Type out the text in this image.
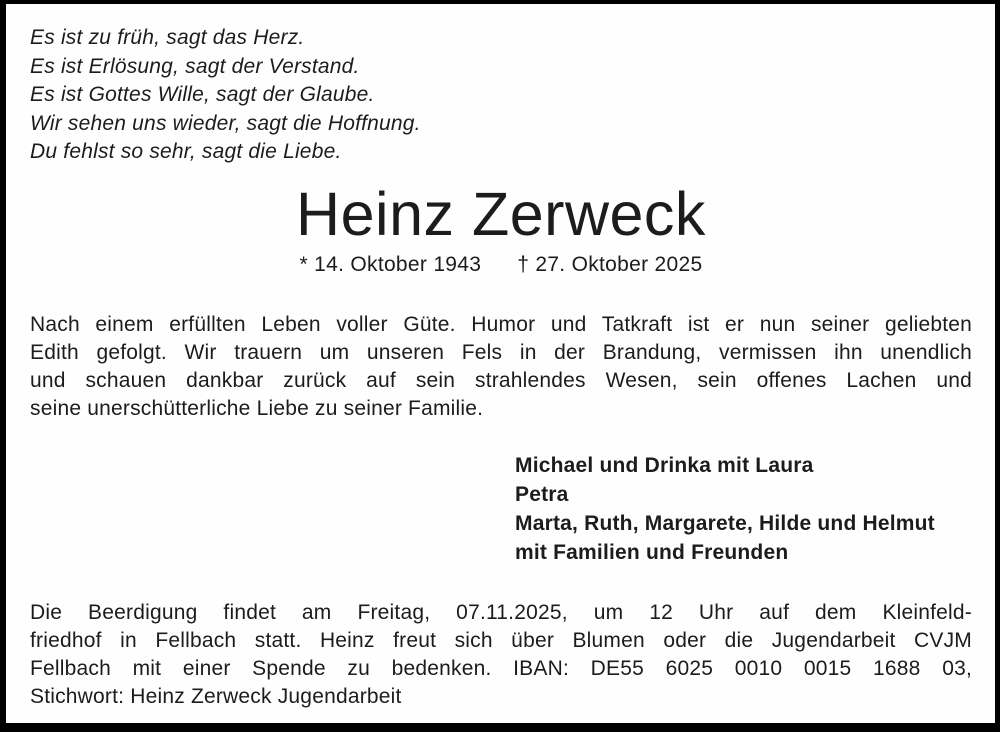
Es ist zu früh, sagt das Herz.
Es ist Erlösung, sagt der Verstand.
Es ist Gottes Wille, sagt der Glaube.
Wir sehen uns wieder, sagt die Hoffnung.
Du fehlst so sehr, sagt die Liebe.
Heinz Zerweck
* 14. Oktober 1943 † 27. Oktober 2025
Nach einem erfüllten Leben voller Güte. Humor und Tatkraft ist er nun seiner geliebten
Edith gefolgt. Wir trauern um unseren Fels in der Brandung, vermissen ihn unendlich
und schauen dankbar zurück auf sein strahlendes Wesen, sein offenes Lachen und
seine unerschütterliche Liebe zu seiner Familie.
Michael und Drinka mit Laura
Petra
Marta, Ruth, Margarete, Hilde und Helmut
mit Familien und Freunden
Die Beerdigung findet am Freitag, 07.11.2025, um 12 Uhr auf dem Kleinfeld-
friedhof in Fellbach statt. Heinz freut sich über Blumen oder die Jugendarbeit CVJM
Fellbach mit einer Spende zu bedenken. IBAN: DE55 6025 0010 0015 1688 03,
Stichwort: Heinz Zerweck Jugendarbeit
